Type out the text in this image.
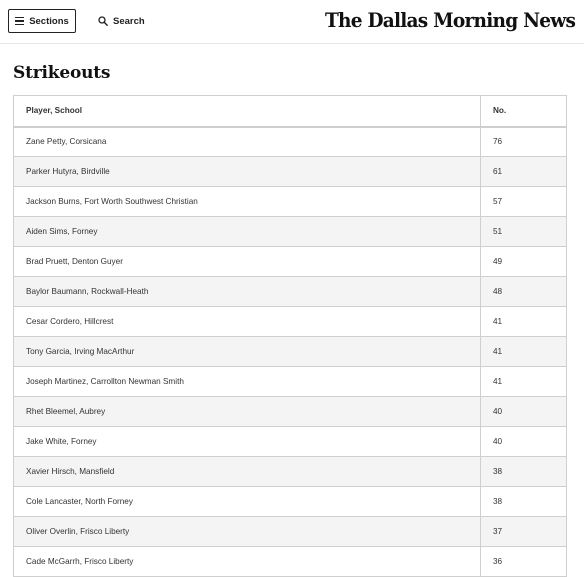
Sections	Search	The Dallas Morning News
Strikeouts
Player, School	No.
Zane Petty, Corsicana	76
Parker Hutyra, Birdville	61
Jackson Burns, Fort Worth Southwest Christian	57
Aiden Sims, Forney	51
Brad Pruett, Denton Guyer	49
Baylor Baumann, Rockwall-Heath	48
Cesar Cordero, Hillcrest	41
Tony Garcia, Irving MacArthur	41
Joseph Martinez, Carrollton Newman Smith	41
Rhet Bleemel, Aubrey	40
Jake White, Forney	40
Xavier Hirsch, Mansfield	38
Cole Lancaster, North Forney	38
Oliver Overlin, Frisco Liberty	37
Cade McGarrh, Frisco Liberty	36
